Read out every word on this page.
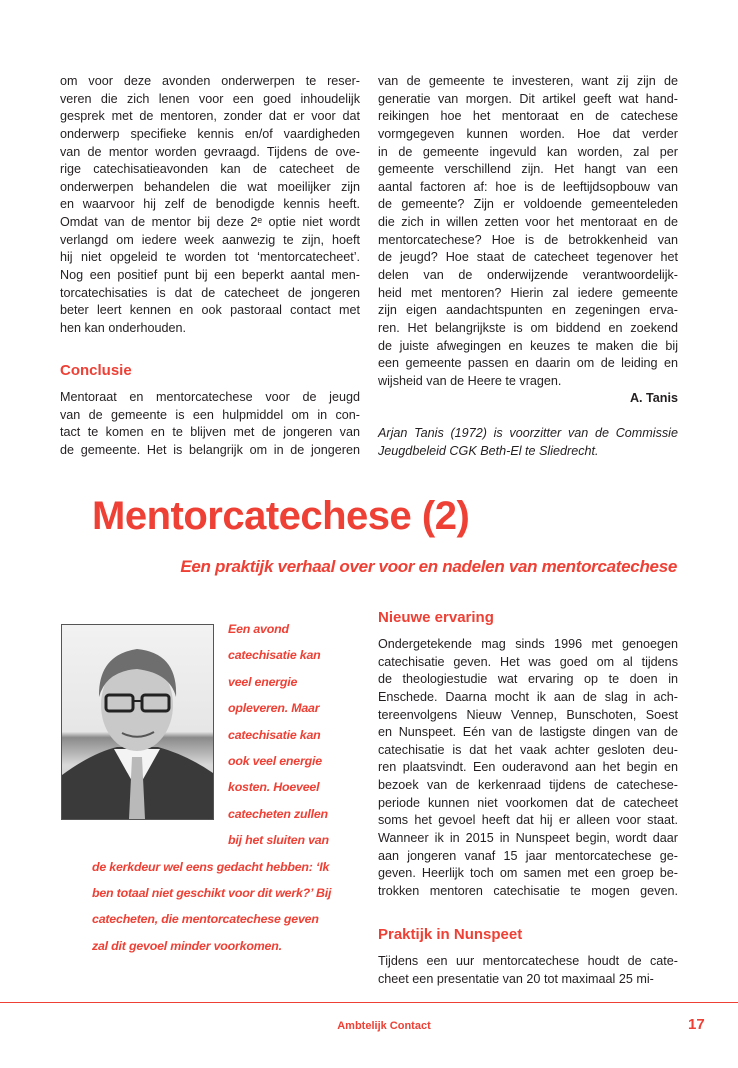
om voor deze avonden onderwerpen te reser-
veren die zich lenen voor een goed inhoudelijk
gesprek met de mentoren, zonder dat er voor dat
onderwerp specifieke kennis en/of vaardigheden
van de mentor worden gevraagd. Tijdens de ove-
rige catechisatieavonden kan de catecheet de
onderwerpen behandelen die wat moeilijker zijn
en waarvoor hij zelf de benodigde kennis heeft.
Omdat van de mentor bij deze 2ᵉ optie niet wordt
verlangd om iedere week aanwezig te zijn, hoeft
hij niet opgeleid te worden tot ‘mentorcatecheet’.
Nog een positief punt bij een beperkt aantal men-
torcatechisaties is dat de catecheet de jongeren
beter leert kennen en ook pastoraal contact met
hen kan onderhouden.
Conclusie
Mentoraat en mentorcatechese voor de jeugd
van de gemeente is een hulpmiddel om in con-
tact te komen en te blijven met de jongeren van
de gemeente. Het is belangrijk om in de jongeren
van de gemeente te investeren, want zij zijn de
generatie van morgen. Dit artikel geeft wat hand-
reikingen hoe het mentoraat en de catechese
vormgegeven kunnen worden. Hoe dat verder
in de gemeente ingevuld kan worden, zal per
gemeente verschillend zijn. Het hangt van een
aantal factoren af: hoe is de leeftijdsopbouw van
de gemeente? Zijn er voldoende gemeenteleden
die zich in willen zetten voor het mentoraat en de
mentorcatechese? Hoe is de betrokkenheid van
de jeugd? Hoe staat de catecheet tegenover het
delen van de onderwijzende verantwoordelijk-
heid met mentoren? Hierin zal iedere gemeente
zijn eigen aandachtspunten en zegeningen erva-
ren. Het belangrijkste is om biddend en zoekend
de juiste afwegingen en keuzes te maken die bij
een gemeente passen en daarin om de leiding en
wijsheid van de Heere te vragen.
A. Tanis
Arjan Tanis (1972) is voorzitter van de Commissie
Jeugdbeleid CGK Beth-El te Sliedrecht.
Mentorcatechese (2)
Een praktijk verhaal over voor en nadelen van mentorcatechese
Een avond
catechisatie kan
veel energie
opleveren. Maar
catechisatie kan
ook veel energie
kosten. Hoeveel
catecheten zullen
bij het sluiten van
de kerkdeur wel eens gedacht hebben: ‘Ik
ben totaal niet geschikt voor dit werk?’ Bij
catecheten, die mentorcatechese geven
zal dit gevoel minder voorkomen.
Nieuwe ervaring
Ondergetekende mag sinds 1996 met genoegen
catechisatie geven. Het was goed om al tijdens
de theologiestudie wat ervaring op te doen in
Enschede. Daarna mocht ik aan de slag in ach-
tereenvolgens Nieuw Vennep, Bunschoten, Soest
en Nunspeet. Eén van de lastigste dingen van de
catechisatie is dat het vaak achter gesloten deu-
ren plaatsvindt. Een ouderavond aan het begin en
bezoek van de kerkenraad tijdens de catechese-
periode kunnen niet voorkomen dat de catecheet
soms het gevoel heeft dat hij er alleen voor staat.
Wanneer ik in 2015 in Nunspeet begin, wordt daar
aan jongeren vanaf 15 jaar mentorcatechese ge-
geven. Heerlijk toch om samen met een groep be-
trokken mentoren catechisatie te mogen geven.
Praktijk in Nunspeet
Tijdens een uur mentorcatechese houdt de cate-
cheet een presentatie van 20 tot maximaal 25 mi-
Ambtelijk Contact	17
